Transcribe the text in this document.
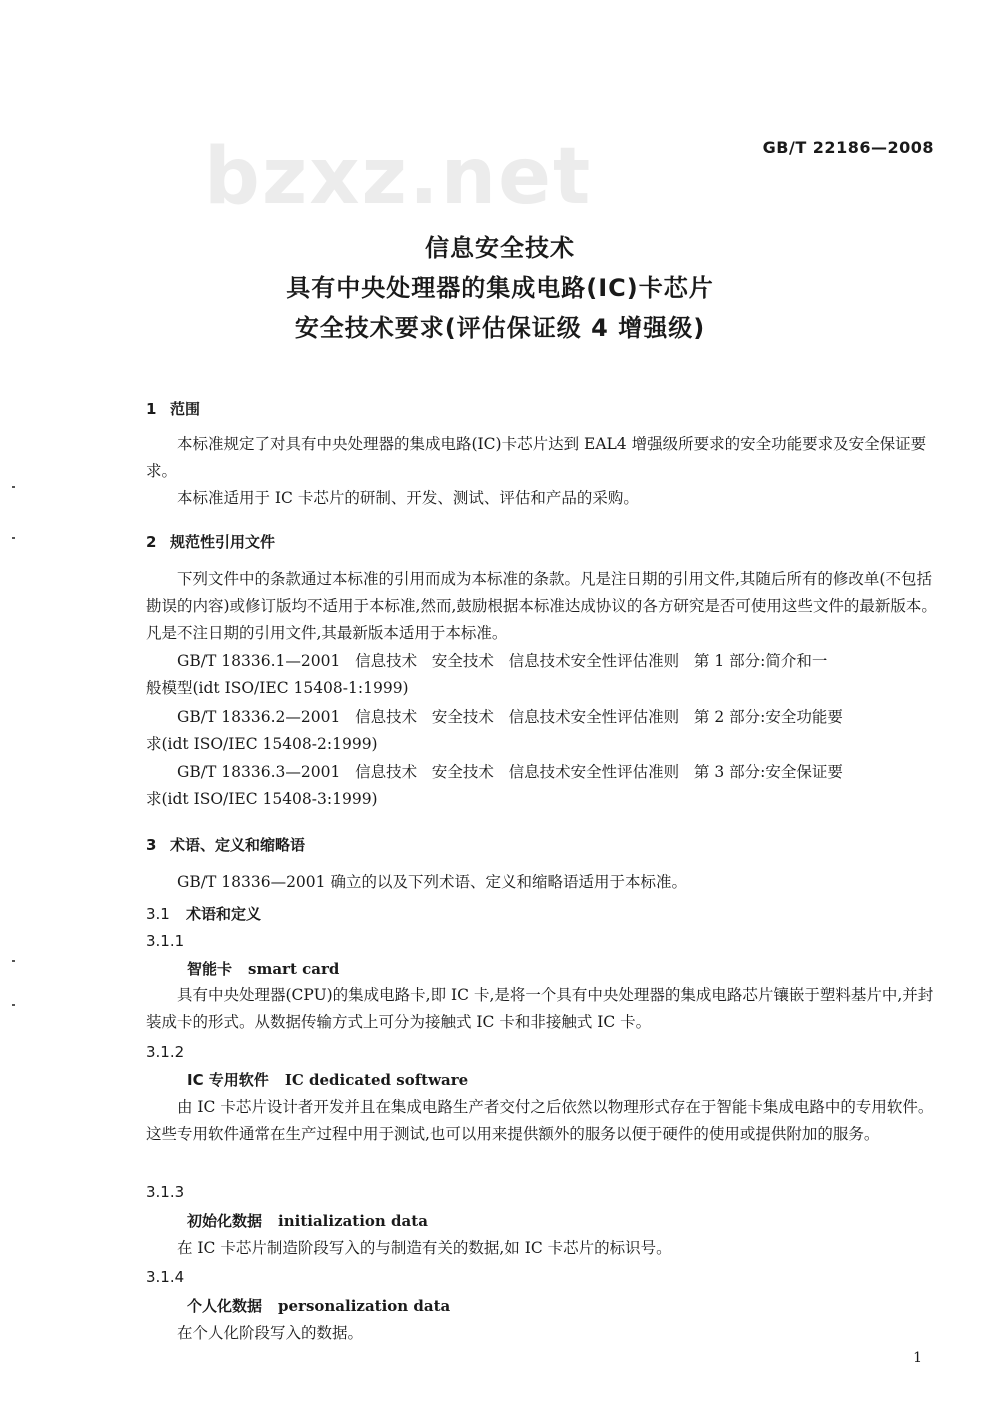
bzxz.net	GB/T 22186—2008
信息安全技术
具有中央处理器的集成电路(IC)卡芯片
安全技术要求(评估保证级 4 增强级)
1 范围
本标准规定了对具有中央处理器的集成电路(IC)卡芯片达到 EAL4 增强级所要求的安全功能要求及安全保证要求。
本标准适用于 IC 卡芯片的研制、开发、测试、评估和产品的采购。
2 规范性引用文件
下列文件中的条款通过本标准的引用而成为本标准的条款。凡是注日期的引用文件,其随后所有的修改单(不包括勘误的内容)或修订版均不适用于本标准,然而,鼓励根据本标准达成协议的各方研究是否可使用这些文件的最新版本。凡是不注日期的引用文件,其最新版本适用于本标准。
GB/T 18336.1—2001   信息技术   安全技术   信息技术安全性评估准则   第 1 部分:简介和一
般模型(idt ISO/IEC 15408-1:1999)
GB/T 18336.2—2001   信息技术   安全技术   信息技术安全性评估准则   第 2 部分:安全功能要
求(idt ISO/IEC 15408-2:1999)
GB/T 18336.3—2001   信息技术   安全技术   信息技术安全性评估准则   第 3 部分:安全保证要
求(idt ISO/IEC 15408-3:1999)
3 术语、定义和缩略语
GB/T 18336—2001 确立的以及下列术语、定义和缩略语适用于本标准。
3.1 术语和定义
3.1.1
智能卡 smart card
具有中央处理器(CPU)的集成电路卡,即 IC 卡,是将一个具有中央处理器的集成电路芯片镶嵌于塑料基片中,并封装成卡的形式。从数据传输方式上可分为接触式 IC 卡和非接触式 IC 卡。
3.1.2
IC 专用软件 IC dedicated software
由 IC 卡芯片设计者开发并且在集成电路生产者交付之后依然以物理形式存在于智能卡集成电路中的专用软件。这些专用软件通常在生产过程中用于测试,也可以用来提供额外的服务以便于硬件的使用或提供附加的服务。
3.1.3
初始化数据 initialization data
在 IC 卡芯片制造阶段写入的与制造有关的数据,如 IC 卡芯片的标识号。
3.1.4
个人化数据 personalization data
在个人化阶段写入的数据。
1
